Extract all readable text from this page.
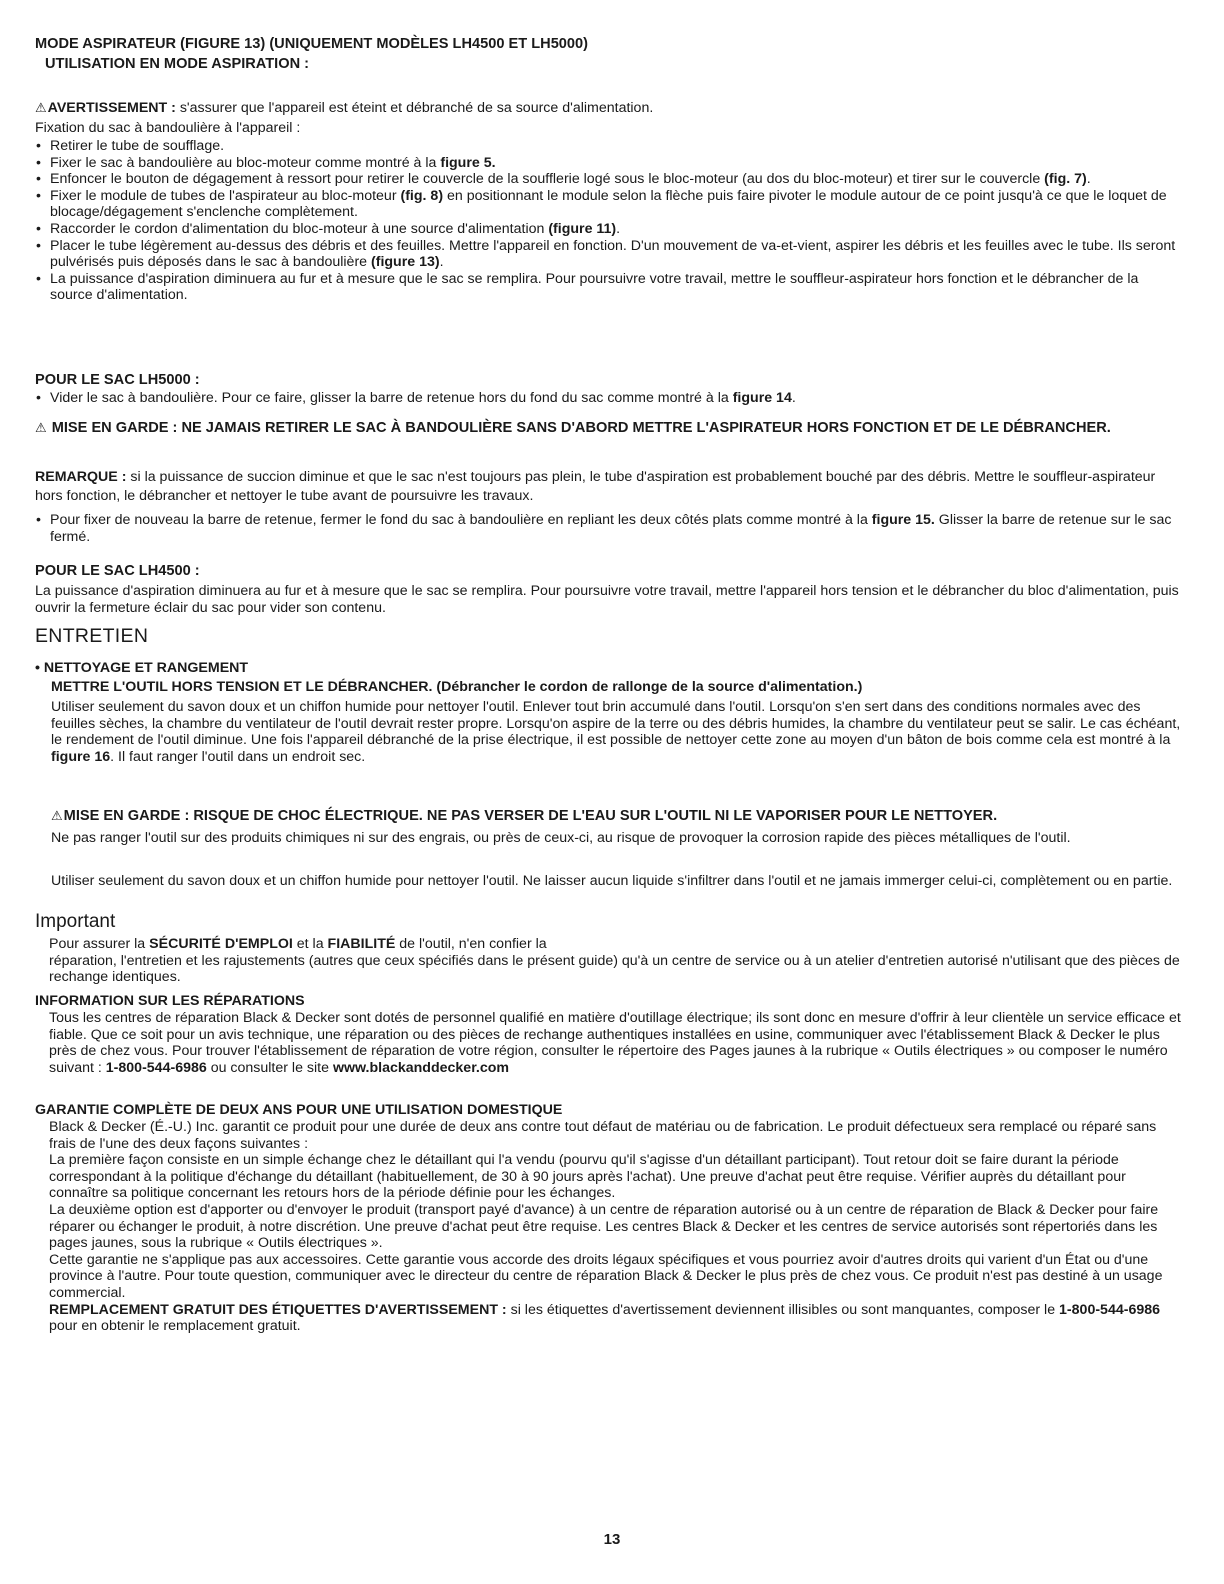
MODE ASPIRATEUR (FIGURE 13) (UNIQUEMENT MODÈLES LH4500 ET LH5000)
UTILISATION EN MODE ASPIRATION :
⚠AVERTISSEMENT : s'assurer que l'appareil est éteint et débranché de sa source d'alimentation.
Fixation du sac à bandoulière à l'appareil :
• Retirer le tube de soufflage.
• Fixer le sac à bandoulière au bloc-moteur comme montré à la figure 5.
• Enfoncer le bouton de dégagement à ressort pour retirer le couvercle de la soufflerie logé sous le bloc-moteur (au dos du bloc-moteur) et tirer sur le couvercle (fig. 7).
• Fixer le module de tubes de l'aspirateur au bloc-moteur (fig. 8) en positionnant le module selon la flèche puis faire pivoter le module autour de ce point jusqu'à ce que le loquet de blocage/dégagement s'enclenche complètement.
• Raccorder le cordon d'alimentation du bloc-moteur à une source d'alimentation (figure 11).
• Placer le tube légèrement au-dessus des débris et des feuilles. Mettre l'appareil en fonction. D'un mouvement de va-et-vient, aspirer les débris et les feuilles avec le tube. Ils seront pulvérisés puis déposés dans le sac à bandoulière (figure 13).
• La puissance d'aspiration diminuera au fur et à mesure que le sac se remplira. Pour poursuivre votre travail, mettre le souffleur-aspirateur hors fonction et le débrancher de la source d'alimentation.
POUR LE SAC LH5000 :
• Vider le sac à bandoulière. Pour ce faire, glisser la barre de retenue hors du fond du sac comme montré à la figure 14.
⚠ MISE EN GARDE : NE JAMAIS RETIRER LE SAC À BANDOULIÈRE SANS D'ABORD METTRE L'ASPIRATEUR HORS FONCTION ET DE LE DÉBRANCHER.
REMARQUE : si la puissance de succion diminue et que le sac n'est toujours pas plein, le tube d'aspiration est probablement bouché par des débris. Mettre le souffleur-aspirateur hors fonction, le débrancher et nettoyer le tube avant de poursuivre les travaux.
• Pour fixer de nouveau la barre de retenue, fermer le fond du sac à bandoulière en repliant les deux côtés plats comme montré à la figure 15. Glisser la barre de retenue sur le sac fermé.
POUR LE SAC LH4500 :
La puissance d'aspiration diminuera au fur et à mesure que le sac se remplira. Pour poursuivre votre travail, mettre l'appareil hors tension et le débrancher du bloc d'alimentation, puis ouvrir la fermeture éclair du sac pour vider son contenu.
ENTRETIEN
• NETTOYAGE ET RANGEMENT
METTRE L'OUTIL HORS TENSION ET LE DÉBRANCHER. (Débrancher le cordon de rallonge de la source d'alimentation.)
Utiliser seulement du savon doux et un chiffon humide pour nettoyer l'outil. Enlever tout brin accumulé dans l'outil. Lorsqu'on s'en sert dans des conditions normales avec des feuilles sèches, la chambre du ventilateur de l'outil devrait rester propre. Lorsqu'on aspire de la terre ou des débris humides, la chambre du ventilateur peut se salir. Le cas échéant, le rendement de l'outil diminue. Une fois l'appareil débranché de la prise électrique, il est possible de nettoyer cette zone au moyen d'un bâton de bois comme cela est montré à la figure 16. Il faut ranger l'outil dans un endroit sec.
⚠MISE EN GARDE : RISQUE DE CHOC ÉLECTRIQUE. NE PAS VERSER DE L'EAU SUR L'OUTIL NI LE VAPORISER POUR LE NETTOYER.
Ne pas ranger l'outil sur des produits chimiques ni sur des engrais, ou près de ceux-ci, au risque de provoquer la corrosion rapide des pièces métalliques de l'outil.
Utiliser seulement du savon doux et un chiffon humide pour nettoyer l'outil. Ne laisser aucun liquide s'infiltrer dans l'outil et ne jamais immerger celui-ci, complètement ou en partie.
Important
Pour assurer la SÉCURITÉ D'EMPLOI et la FIABILITÉ de l'outil, n'en confier la
réparation, l'entretien et les rajustements (autres que ceux spécifiés dans le présent guide) qu'à un centre de service ou à un atelier d'entretien autorisé n'utilisant que des pièces de rechange identiques.
INFORMATION SUR LES RÉPARATIONS
Tous les centres de réparation Black & Decker sont dotés de personnel qualifié en matière d'outillage électrique; ils sont donc en mesure d'offrir à leur clientèle un service efficace et fiable. Que ce soit pour un avis technique, une réparation ou des pièces de rechange authentiques installées en usine, communiquer avec l'établissement Black & Decker le plus près de chez vous. Pour trouver l'établissement de réparation de votre région, consulter le répertoire des Pages jaunes à la rubrique « Outils électriques » ou composer le numéro suivant : 1-800-544-6986 ou consulter le site www.blackanddecker.com
GARANTIE COMPLÈTE DE DEUX ANS POUR UNE UTILISATION DOMESTIQUE
Black & Decker (É.-U.) Inc. garantit ce produit pour une durée de deux ans contre tout défaut de matériau ou de fabrication. Le produit défectueux sera remplacé ou réparé sans frais de l'une des deux façons suivantes :
La première façon consiste en un simple échange chez le détaillant qui l'a vendu (pourvu qu'il s'agisse d'un détaillant participant). Tout retour doit se faire durant la période correspondant à la politique d'échange du détaillant (habituellement, de 30 à 90 jours après l'achat). Une preuve d'achat peut être requise. Vérifier auprès du détaillant pour connaître sa politique concernant les retours hors de la période définie pour les échanges.
La deuxième option est d'apporter ou d'envoyer le produit (transport payé d'avance) à un centre de réparation autorisé ou à un centre de réparation de Black & Decker pour faire réparer ou échanger le produit, à notre discrétion. Une preuve d'achat peut être requise. Les centres Black & Decker et les centres de service autorisés sont répertoriés dans les pages jaunes, sous la rubrique « Outils électriques ».
Cette garantie ne s'applique pas aux accessoires. Cette garantie vous accorde des droits légaux spécifiques et vous pourriez avoir d'autres droits qui varient d'un État ou d'une province à l'autre. Pour toute question, communiquer avec le directeur du centre de réparation Black & Decker le plus près de chez vous. Ce produit n'est pas destiné à un usage commercial.
REMPLACEMENT GRATUIT DES ÉTIQUETTES D'AVERTISSEMENT : si les étiquettes d'avertissement deviennent illisibles ou sont manquantes, composer le 1-800-544-6986 pour en obtenir le remplacement gratuit.
13
